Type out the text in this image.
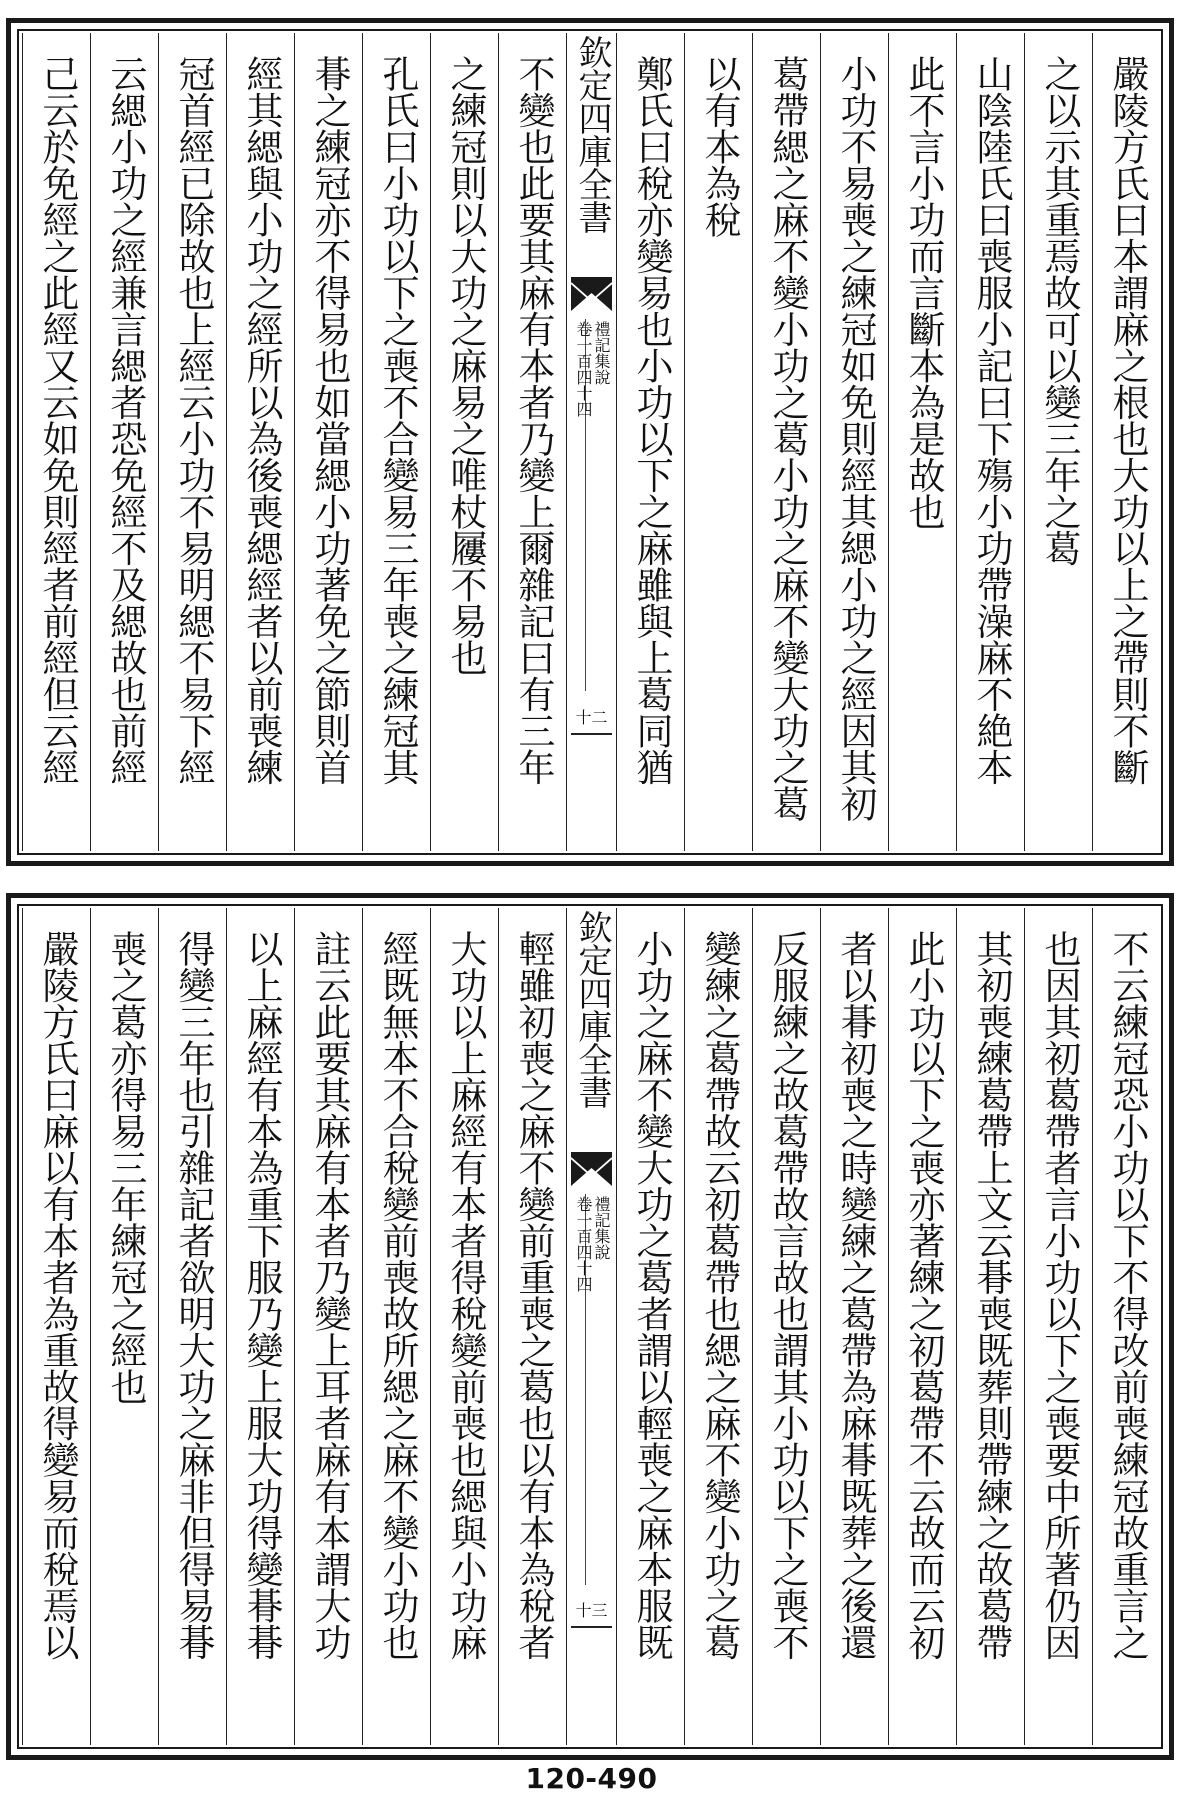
嚴陵方氏曰本謂麻之根也大功以上之帶則不斷
之以示其重焉故可以變三年之葛
山陰陸氏曰喪服小記曰下殤小功帶澡麻不絶本
此不言小功而言斷本為是故也
小功不易喪之練冠如免則經其緦小功之經因其初
葛帶緦之麻不變小功之葛小功之麻不變大功之葛
以有本為稅
鄭氏曰稅亦變易也小功以下之麻雖與上葛同猶
欽定四庫全書
禮記集說
卷一百四十四
十二
不變也此要其麻有本者乃變上爾雜記曰有三年
之練冠則以大功之麻易之唯杖屨不易也
孔氏曰小功以下之喪不合變易三年喪之練冠其
朞之練冠亦不得易也如當緦小功著免之節則首
經其緦與小功之經所以為後喪緦經者以前喪練
冠首經已除故也上經云小功不易明緦不易下經
云緦小功之經兼言緦者恐免經不及緦故也前經
己云於免經之此經又云如免則經者前經但云經
不云練冠恐小功以下不得改前喪練冠故重言之
也因其初葛帶者言小功以下之喪要中所著仍因
其初喪練葛帶上文云朞喪既葬則帶練之故葛帶
此小功以下之喪亦著練之初葛帶不云故而云初
者以朞初喪之時變練之葛帶為麻朞既葬之後還
反服練之故葛帶故言故也謂其小功以下之喪不
變練之葛帶故云初葛帶也緦之麻不變小功之葛
小功之麻不變大功之葛者謂以輕喪之麻本服既
欽定四庫全書
禮記集說
卷一百四十四
十三
輕雖初喪之麻不變前重喪之葛也以有本為稅者
大功以上麻經有本者得稅變前喪也緦與小功麻
經既無本不合稅變前喪故所緦之麻不變小功也
註云此要其麻有本者乃變上耳者麻有本謂大功
以上麻經有本為重下服乃變上服大功得變朞朞
得變三年也引雜記者欲明大功之麻非但得易朞
喪之葛亦得易三年練冠之經也
嚴陵方氏曰麻以有本者為重故得變易而稅焉以
120-490
